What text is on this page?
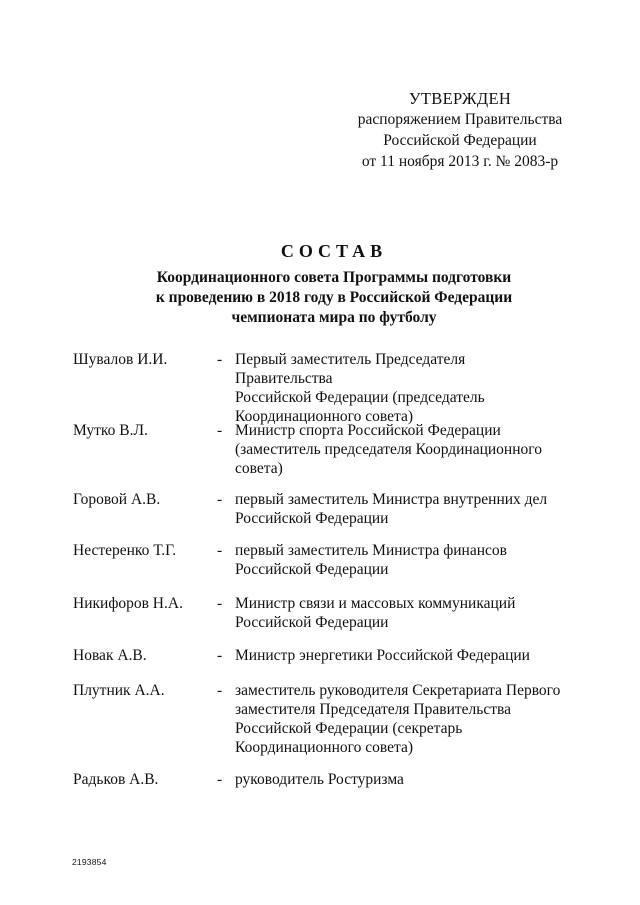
УТВЕРЖДЕН
распоряжением Правительства
Российской Федерации
от 11 ноября 2013 г. № 2083-р
СОСТАВ
Координационного совета Программы подготовки
к проведению в 2018 году в Российской Федерации
чемпионата мира по футболу
Шувалов И.И.	- Первый заместитель Председателя Правительства
Российской Федерации (председатель
Координационного совета)
Мутко В.Л.	- Министр спорта Российской Федерации
(заместитель председателя Координационного
совета)
Горовой А.В.	- первый заместитель Министра внутренних дел
Российской Федерации
Нестеренко Т.Г.	- первый заместитель Министра финансов
Российской Федерации
Никифоров Н.А.	- Министр связи и массовых коммуникаций
Российской Федерации
Новак А.В.	- Министр энергетики Российской Федерации
Плутник А.А.	- заместитель руководителя Секретариата Первого
заместителя Председателя Правительства
Российской Федерации (секретарь
Координационного совета)
Радьков А.В.	- руководитель Ростуризма
2193854
